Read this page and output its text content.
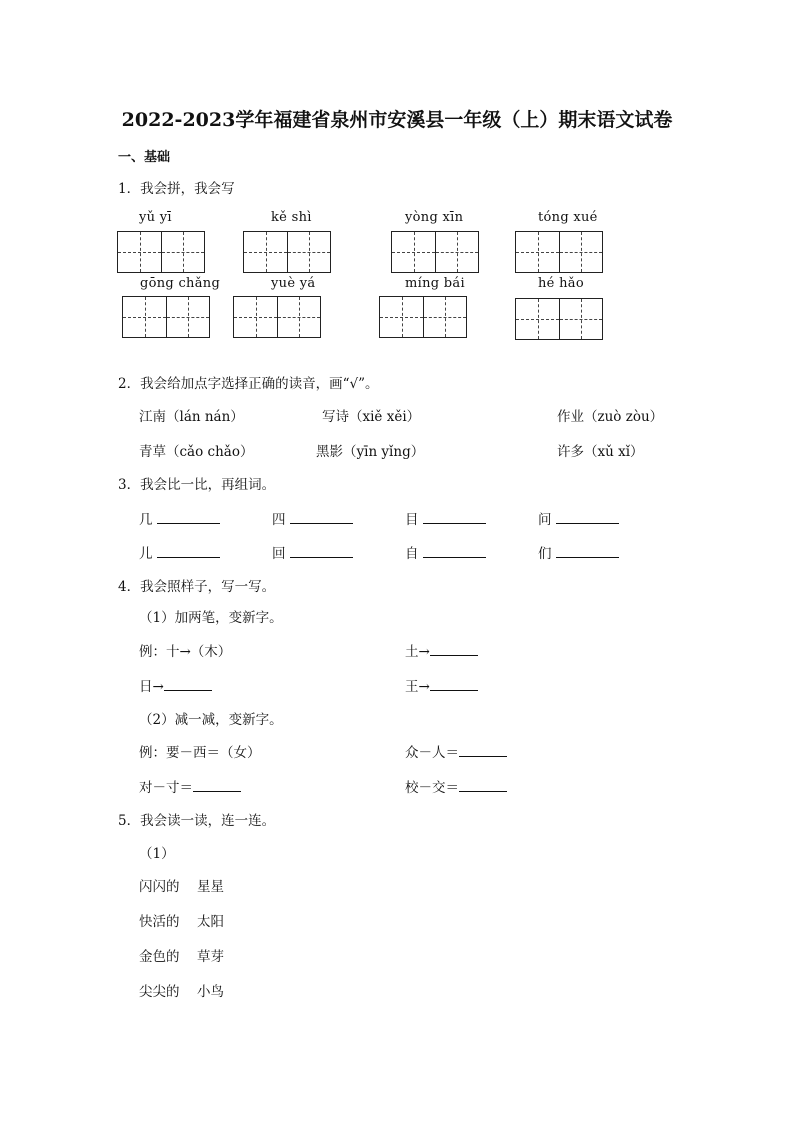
2022-2023学年福建省泉州市安溪县一年级（上）期末语文试卷
一、基础
1．我会拼，我会写
yǔ yī	kě shì	yòng xīn	tóng xué
gōng chǎng	yuè yá	míng bái	hé hǎo
2．我会给加点字选择正确的读音，画“√”。
江南（lán nán）	写诗（xiě xěi）	作业（zuò zòu）
青草（cǎo chǎo）	黑影（yīn yǐng）	许多（xǔ xǐ）
3．我会比一比，再组词。
几	四	目	问
儿	回	自	们
4．我会照样子，写一写。
（1）加两笔，变新字。
例：十→（木）	土→
日→	王→
（2）减一减，变新字。
例：要－西＝（女）	众－人＝
对－寸＝	校－交＝
5．我会读一读，连一连。
（1）
闪闪的 星星
快活的 太阳
金色的 草芽
尖尖的 小鸟
